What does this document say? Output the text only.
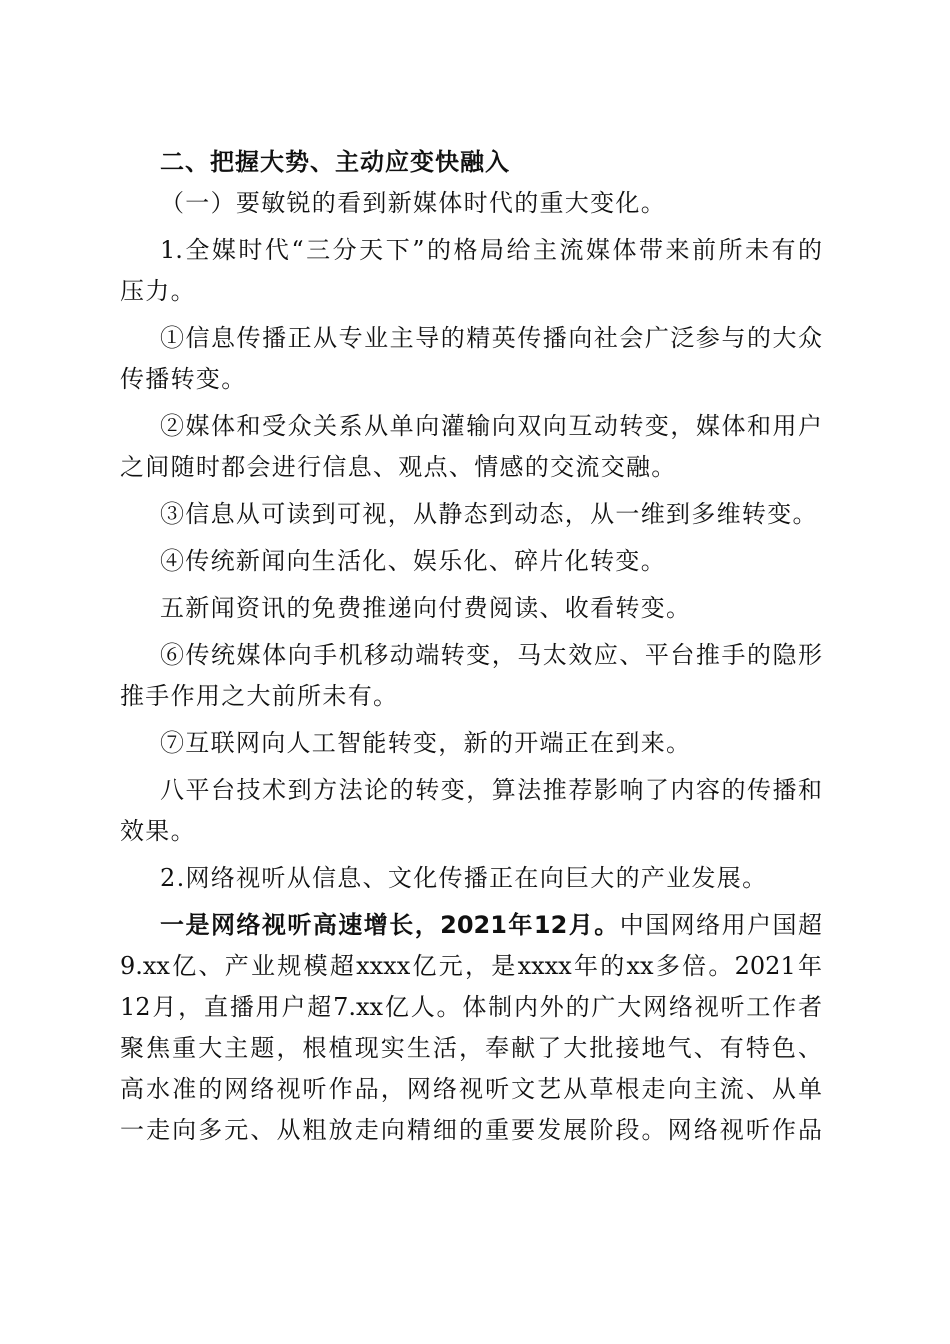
二、把握大势、主动应变快融入
（一）要敏锐的看到新媒体时代的重大变化。
1.全媒时代“三分天下”的格局给主流媒体带来前所未有的
压力。
①信息传播正从专业主导的精英传播向社会广泛参与的大众
传播转变。
②媒体和受众关系从单向灌输向双向互动转变，媒体和用户
之间随时都会进行信息、观点、情感的交流交融。
③信息从可读到可视，从静态到动态，从一维到多维转变。
④传统新闻向生活化、娱乐化、碎片化转变。
五新闻资讯的免费推递向付费阅读、收看转变。
⑥传统媒体向手机移动端转变，马太效应、平台推手的隐形
推手作用之大前所未有。
⑦互联网向人工智能转变，新的开端正在到来。
八平台技术到方法论的转变，算法推荐影响了内容的传播和
效果。
2.网络视听从信息、文化传播正在向巨大的产业发展。
一是网络视听高速增长，2021年12月。中国网络用户国超
9.xx亿、产业规模超xxxx亿元，是xxxx年的xx多倍。2021年
12月，直播用户超7.xx亿人。体制内外的广大网络视听工作者
聚焦重大主题，根植现实生活，奉献了大批接地气、有特色、
高水准的网络视听作品，网络视听文艺从草根走向主流、从单
一走向多元、从粗放走向精细的重要发展阶段。网络视听作品
